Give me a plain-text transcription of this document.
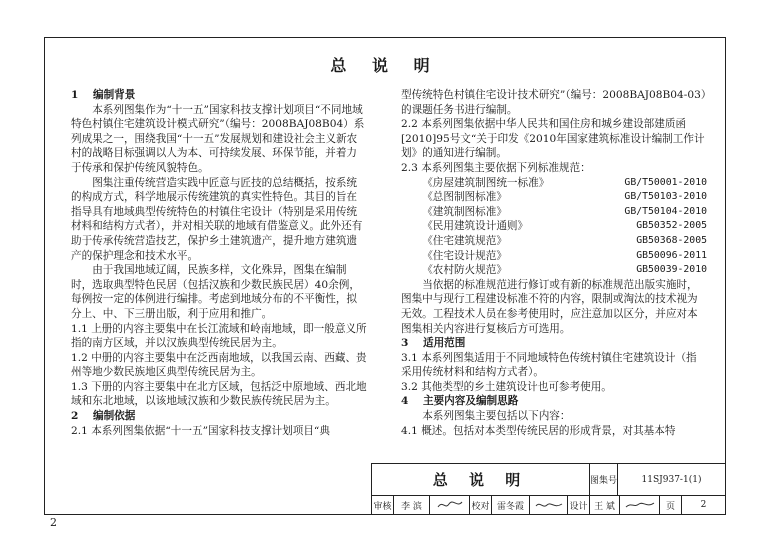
总 说 明

1 编制背景

本系列图集作为“十一五”国家科技支撑计划项目“不同地域特色村镇住宅建筑设计模式研究”（编号：2008BAJ08B04）系列成果之一，围绕我国“十一五”发展规划和建设社会主义新农村的战略目标强调以人为本、可持续发展、环保节能，并着力于传承和保护传统风貌特色。

图集注重传统营造实践中匠意与匠技的总结概括，按系统的构成方式，科学地展示传统建筑的真实性特色。其目的旨在指导具有地域典型传统特色的村镇住宅设计（特别是采用传统材料和结构方式者），并对相关联的地域有借鉴意义。此外还有助于传承传统营造技艺，保护乡土建筑遗产，提升地方建筑遗产的保护理念和技术水平。

由于我国地域辽阔，民族多样，文化殊异，图集在编制时，选取典型特色民居（包括汉族和少数民族民居）40余例，每例按一定的体例进行编排。考虑到地域分布的不平衡性，拟分上、中、下三册出版，利于应用和推广。

1.1 上册的内容主要集中在长江流域和岭南地域，即一般意义所指的南方区域，并以汉族典型传统民居为主。

1.2 中册的内容主要集中在泛西南地域，以我国云南、西藏、贵州等地少数民族地区典型传统民居为主。

1.3 下册的内容主要集中在北方区域，包括泛中原地域、西北地域和东北地域，以该地域汉族和少数民族传统民居为主。

2 编制依据

2.1 本系列图集依据“十一五”国家科技支撑计划项目“典

型传统特色村镇住宅设计技术研究”（编号：2008BAJ08B04-03）的课题任务书进行编制。

2.2 本系列图集依据中华人民共和国住房和城乡建设部建质函[2010]95号文“关于印发《2010年国家建筑标准设计编制工作计划》的通知进行编制。

2.3 本系列图集主要依据下列标准规范：

《房屋建筑制图统一标准》	GB/T50001-2010
《总图制图标准》	GB/T50103-2010
《建筑制图标准》	GB/T50104-2010
《民用建筑设计通则》	GB50352-2005
《住宅建筑规范》	GB50368-2005
《住宅设计规范》	GB50096-2011
《农村防火规范》	GB50039-2010

当依据的标准规范进行修订或有新的标准规范出版实施时，图集中与现行工程建设标准不符的内容，限制或淘汰的技术视为无效。工程技术人员在参考使用时，应注意加以区分，并应对本图集相关内容进行复核后方可选用。

3 适用范围

3.1 本系列图集适用于不同地域特色传统村镇住宅建筑设计（指采用传统材料和结构方式者）。

3.2 其他类型的乡土建筑设计也可参考使用。

4 主要内容及编制思路

本系列图集主要包括以下内容：

4.1 概述。包括对本类型传统民居的形成背景，对其基本特

总 说 明	图集号	11SJ937-1(1)
审核	李 滨	校对 雷冬霞	设计 王 斌	页	2
2
